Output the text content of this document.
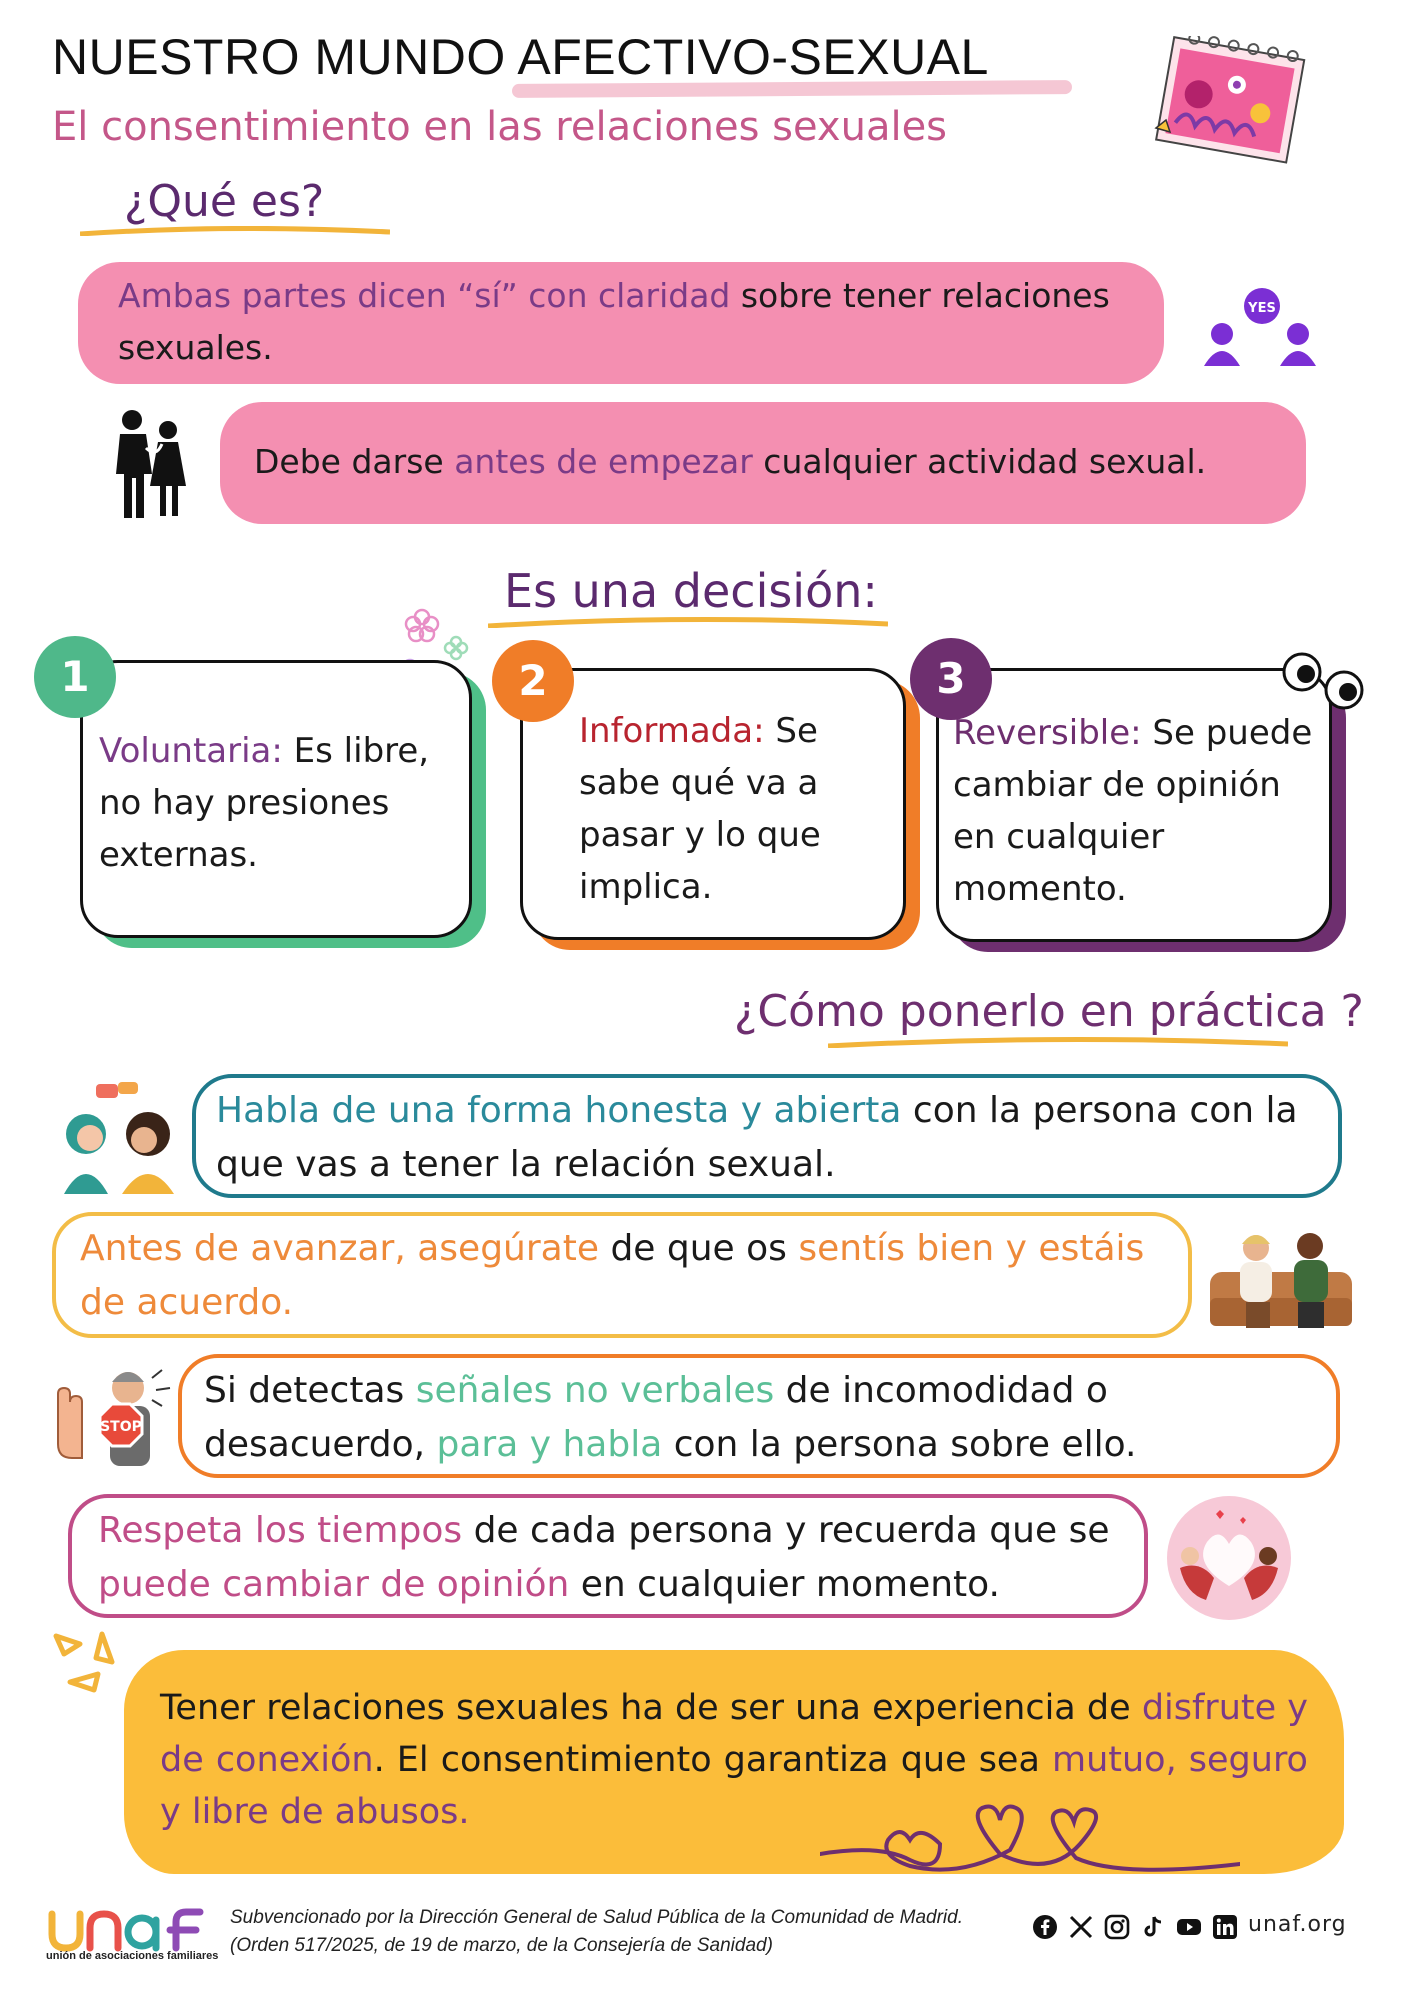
NUESTRO MUNDO AFECTIVO-SEXUAL
El consentimiento en las relaciones sexuales
¿Qué es?
Ambas partes dicen “sí” con claridad sobre tener relaciones sexuales.
YES
Debe darse antes de empezar cualquier actividad sexual.
Es una decisión:
Voluntaria: Es libre, no hay presiones externas.
1
Informada: Se sabe qué va a pasar y lo que implica.
2
Reversible: Se puede cambiar de opinión en cualquier momento.
3
¿Cómo ponerlo en práctica ?
Habla de una forma honesta y abierta con la persona con la que vas a tener la relación sexual.
Antes de avanzar, asegúrate de que os sentís bien y estáis de acuerdo.
STOP
Si detectas señales no verbales de incomodidad o desacuerdo, para y habla con la persona sobre ello.
Respeta los tiempos de cada persona y recuerda que se puede cambiar de opinión en cualquier momento.
Tener relaciones sexuales ha de ser una experiencia de disfrute y de conexión. El consentimiento garantiza que sea mutuo, seguro y libre de abusos.
unión de asociaciones familiares
Subvencionado por la Dirección General de Salud Pública de la Comunidad de Madrid. (Orden 517/2025, de 19 de marzo, de la Consejería de Sanidad)
unaf.org
